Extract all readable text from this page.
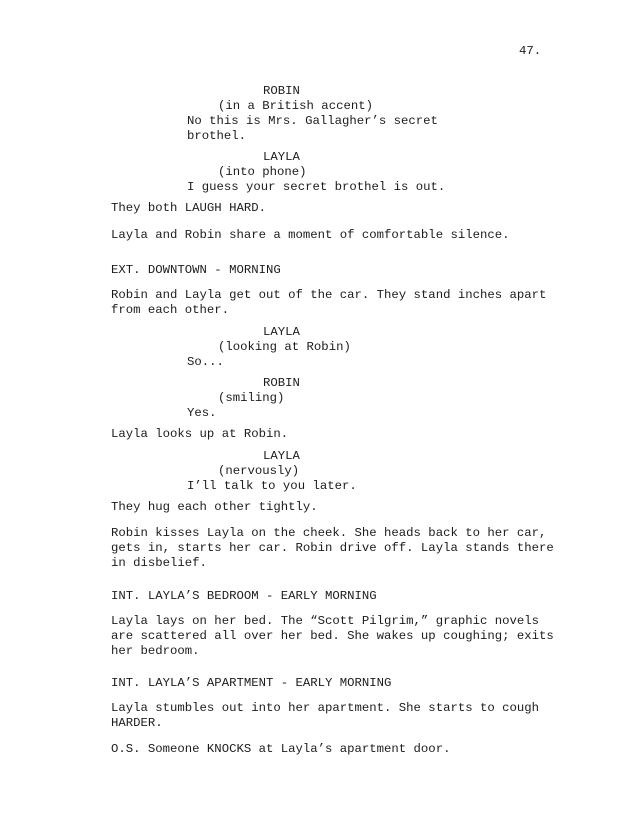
47.
ROBIN
(in a British accent)
No this is Mrs. Gallagher’s secret
brothel.
LAYLA
(into phone)
I guess your secret brothel is out.
They both LAUGH HARD.
Layla and Robin share a moment of comfortable silence.
EXT. DOWNTOWN - MORNING
Robin and Layla get out of the car. They stand inches apart
from each other.
LAYLA
(looking at Robin)
So...
ROBIN
(smiling)
Yes.
Layla looks up at Robin.
LAYLA
(nervously)
I’ll talk to you later.
They hug each other tightly.
Robin kisses Layla on the cheek. She heads back to her car,
gets in, starts her car. Robin drive off. Layla stands there
in disbelief.
INT. LAYLA’S BEDROOM - EARLY MORNING
Layla lays on her bed. The “Scott Pilgrim,” graphic novels
are scattered all over her bed. She wakes up coughing; exits
her bedroom.
INT. LAYLA’S APARTMENT - EARLY MORNING
Layla stumbles out into her apartment. She starts to cough
HARDER.
O.S. Someone KNOCKS at Layla’s apartment door.
